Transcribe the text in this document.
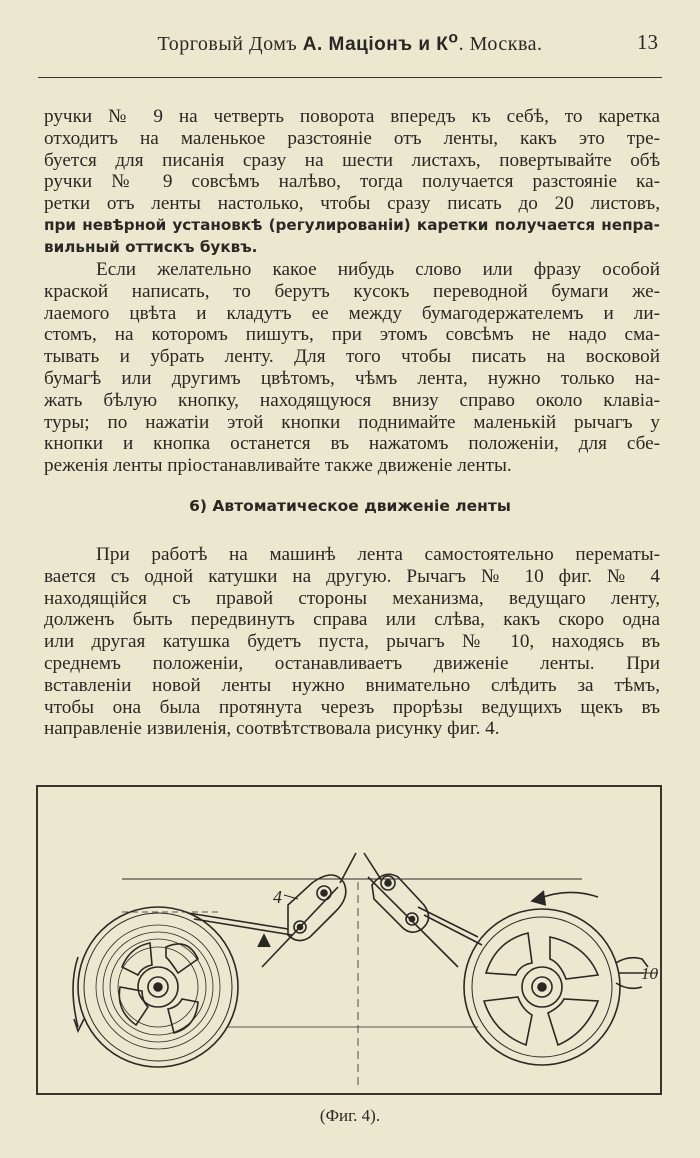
Торговый Домъ А. Маціонъ и $К^о$. Москва.	13
ручки № 9 на четверть поворота впередъ къ себѣ, то каретка
отходитъ на маленькое разстояніе отъ ленты, какъ это тре-
буется для писанія сразу на шести листахъ, повертывайте обѣ
ручки № 9 совсѣмъ налѣво, тогда получается разстояніе ка-
ретки отъ ленты настолько, чтобы сразу писать до 20 листовъ,
при невѣрной установкѣ (регулированіи) каретки получается непра-
вильный оттискъ буквъ.
Если желательно какое нибудь слово или фразу особой
краской написать, то берутъ кусокъ переводной бумаги же-
лаемого цвѣта и кладутъ ее между бумагодержателемъ и ли-
стомъ, на которомъ пишутъ, при этомъ совсѣмъ не надо сма-
тывать и убрать ленту. Для того чтобы писать на восковой
бумагѣ или другимъ цвѣтомъ, чѣмъ лента, нужно только на-
жать бѣлую кнопку, находящуюся внизу справо около клавіа-
туры; по нажатіи этой кнопки поднимайте маленькій рычагъ у
кнопки и кнопка останется въ нажатомъ положеніи, для сбе-
реженія ленты пріостанавливайте также движеніе ленты.
6) Автоматическое движеніе ленты
При работѣ на машинѣ лента самостоятельно перематы-
вается съ одной катушки на другую. Рычагъ № 10 фиг. № 4
находящійся съ правой стороны механизма, ведущаго ленту,
долженъ быть передвинутъ справа или слѣва, какъ скоро одна
или другая катушка будетъ пуста, рычагъ № 10, находясь въ
среднемъ положеніи, останавливаетъ движеніе ленты. При
вставленіи новой ленты нужно внимательно слѣдить за тѣмъ,
чтобы она была протянута черезъ прорѣзы ведущихъ щекъ въ
направленіе извиленія, соотвѣтствовала рисунку фиг. 4.
4
10
(Фиг. 4).
